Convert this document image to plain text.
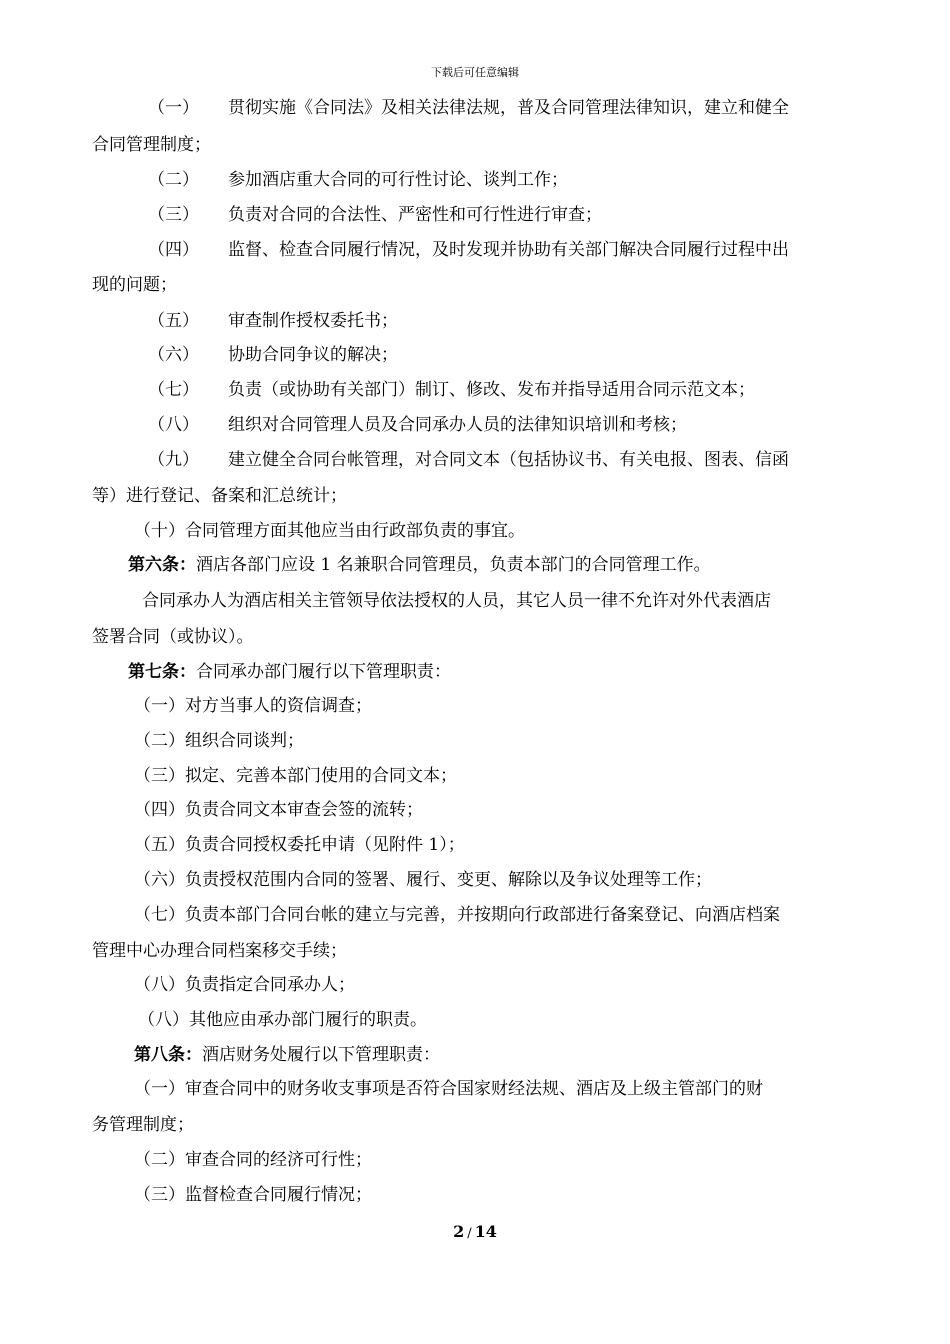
下载后可任意编辑
（一） 贯彻实施《合同法》及相关法律法规，普及合同管理法律知识，建立和健全
合同管理制度；
（二） 参加酒店重大合同的可行性讨论、谈判工作；
（三） 负责对合同的合法性、严密性和可行性进行审查；
（四） 监督、检查合同履行情况，及时发现并协助有关部门解决合同履行过程中出
现的问题；
（五） 审查制作授权委托书；
（六） 协助合同争议的解决；
（七） 负责（或协助有关部门）制订、修改、发布并指导适用合同示范文本；
（八） 组织对合同管理人员及合同承办人员的法律知识培训和考核；
（九） 建立健全合同台帐管理，对合同文本（包括协议书、有关电报、图表、信函
等）进行登记、备案和汇总统计；
（十）合同管理方面其他应当由行政部负责的事宜。
第六条：酒店各部门应设 1 名兼职合同管理员，负责本部门的合同管理工作。
合同承办人为酒店相关主管领导依法授权的人员，其它人员一律不允许对外代表酒店
签署合同（或协议）。
第七条：合同承办部门履行以下管理职责：
（一）对方当事人的资信调查；
（二）组织合同谈判；
（三）拟定、完善本部门使用的合同文本；
（四）负责合同文本审查会签的流转；
（五）负责合同授权委托申请（见附件 1）；
（六）负责授权范围内合同的签署、履行、变更、解除以及争议处理等工作；
（七）负责本部门合同台帐的建立与完善，并按期向行政部进行备案登记、向酒店档案
管理中心办理合同档案移交手续；
（八）负责指定合同承办人；
（八）其他应由承办部门履行的职责。
第八条：酒店财务处履行以下管理职责：
（一）审查合同中的财务收支事项是否符合国家财经法规、酒店及上级主管部门的财
务管理制度；
（二）审查合同的经济可行性；
（三）监督检查合同履行情况；
2 / 14
